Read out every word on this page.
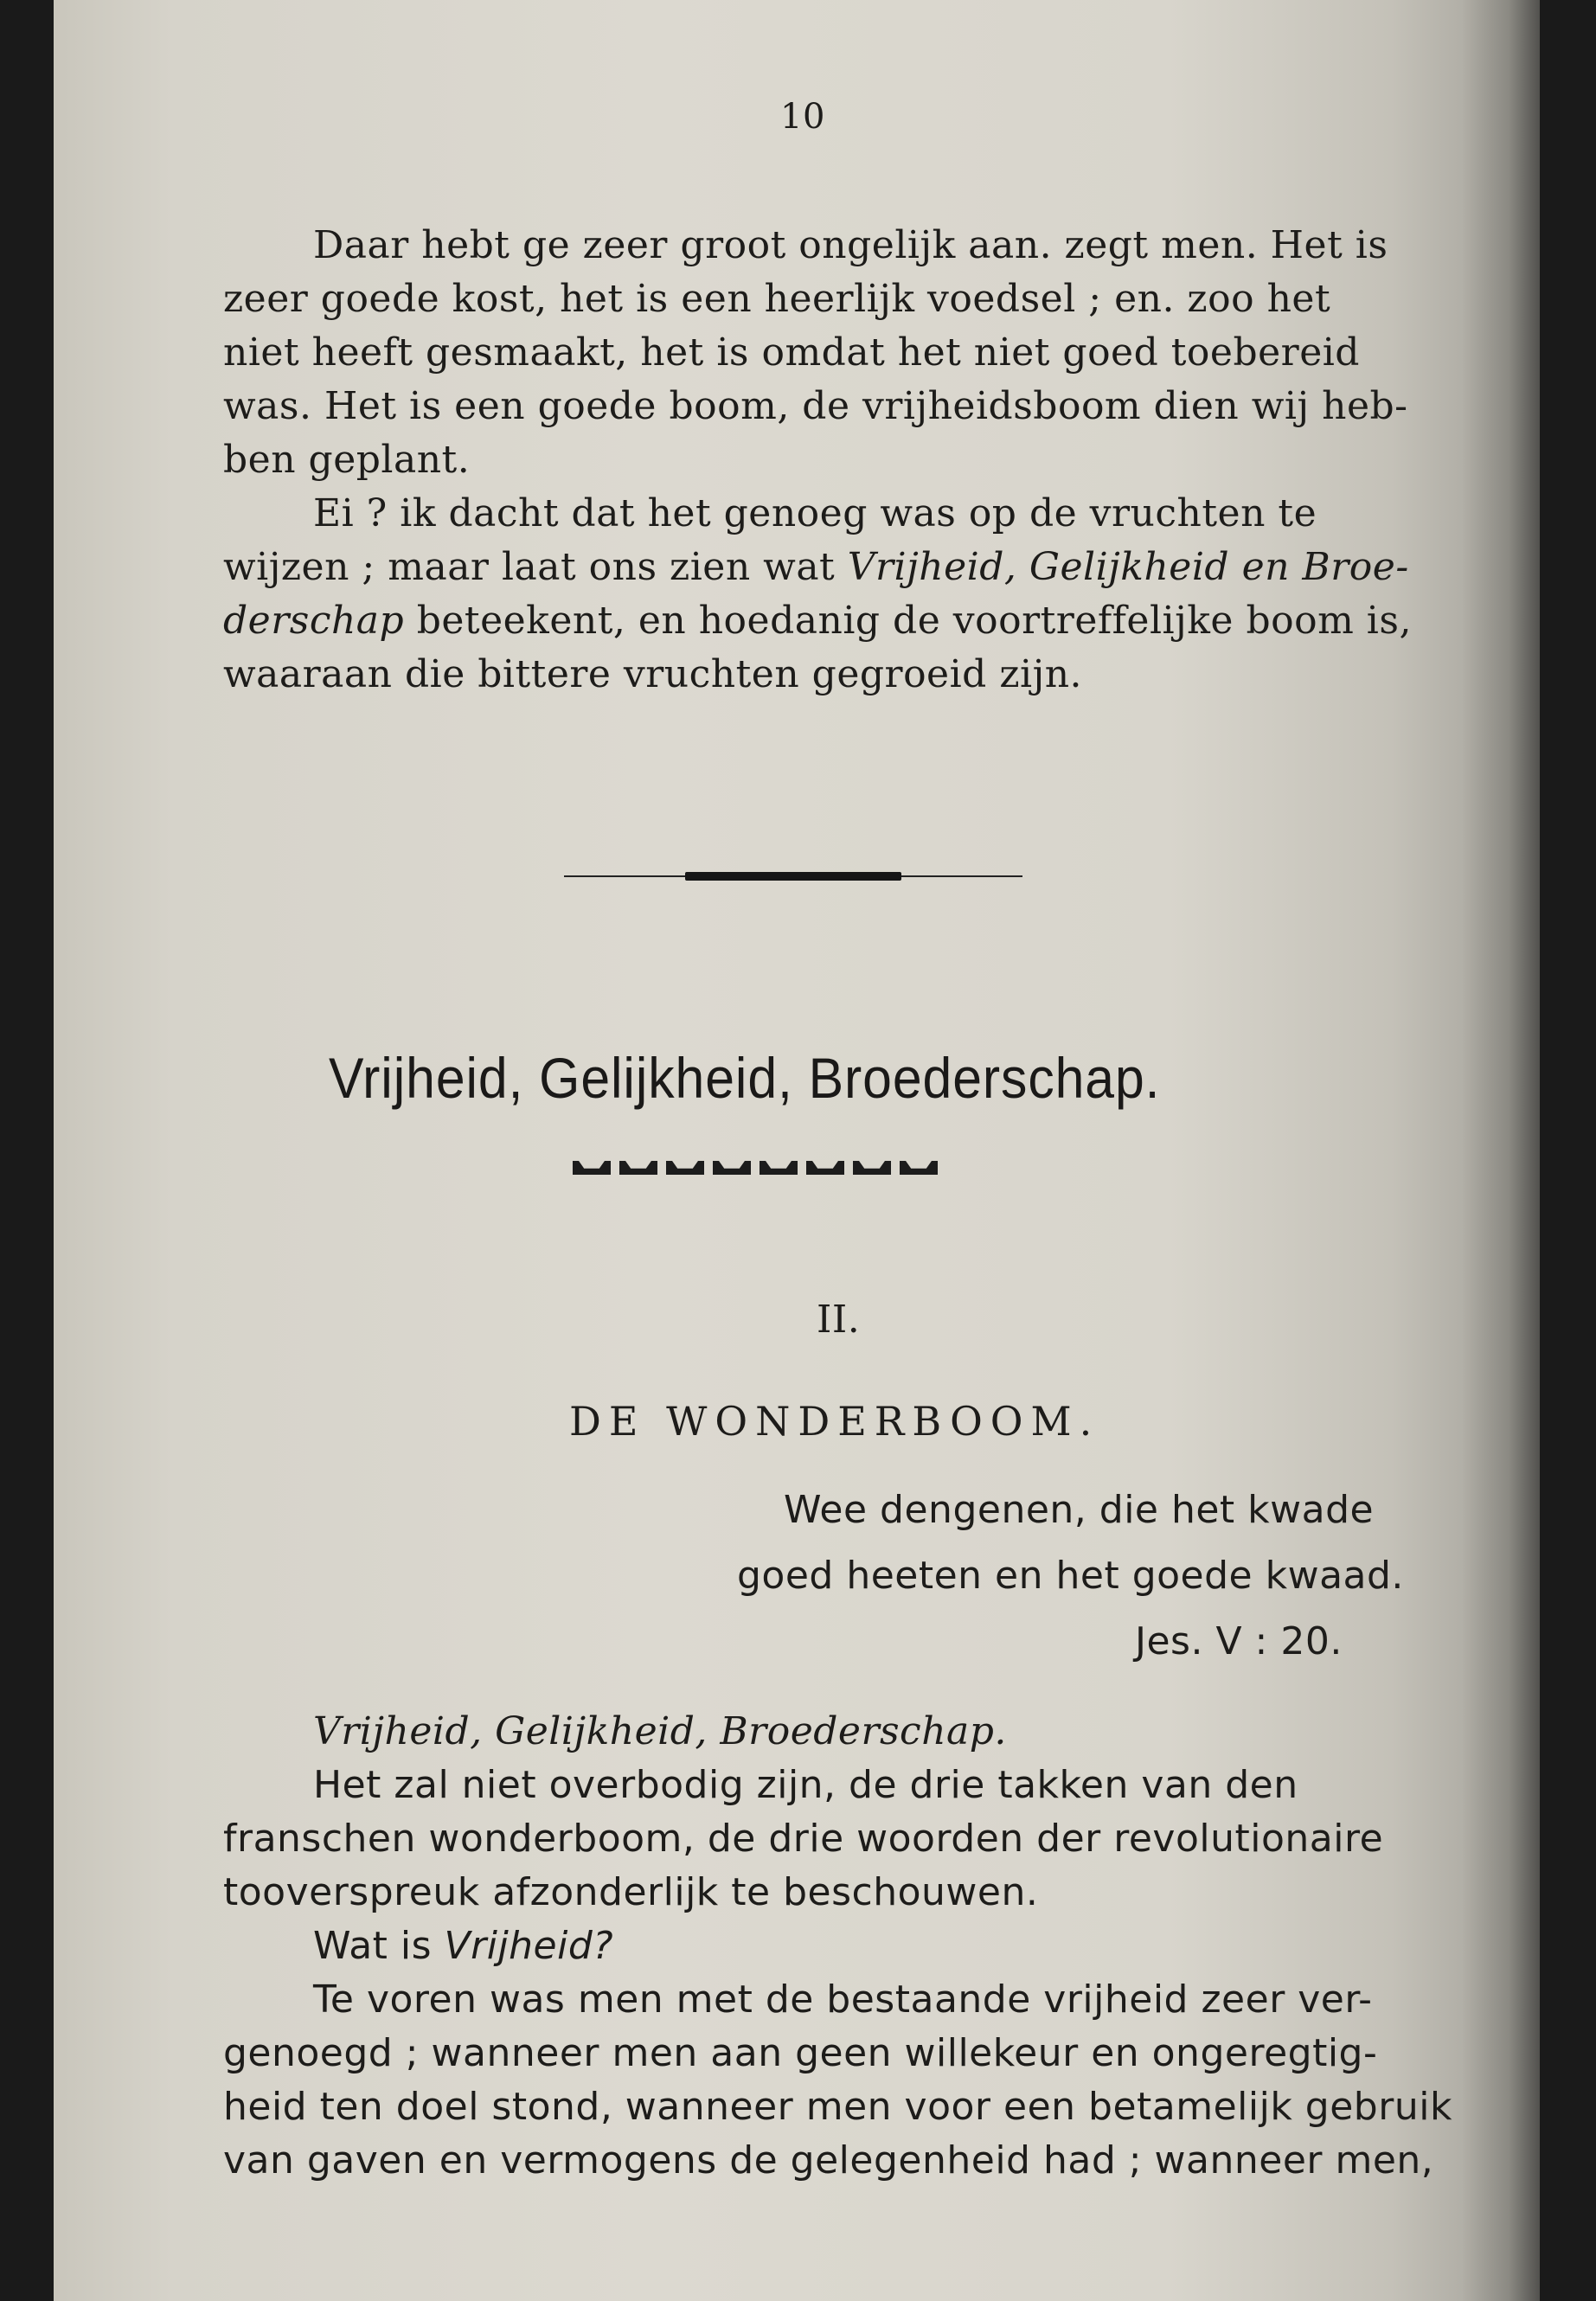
10
Daar hebt ge zeer groot ongelijk aan. zegt men. Het is
zeer goede kost, het is een heerlijk voedsel ; en. zoo het
niet heeft gesmaakt, het is omdat het niet goed toebereid
was. Het is een goede boom, de vrijheidsboom dien wij heb-
ben geplant.
Ei ? ik dacht dat het genoeg was op de vruchten te
wijzen ; maar laat ons zien wat Vrijheid, Gelijkheid en Broe-
derschap beteekent, en hoedanig de voortreffelijke boom is,
waaraan die bittere vruchten gegroeid zijn.
Vrijheid, Gelijkheid, Broederschap.
II.
DE WONDERBOOM.
Wee dengenen, die het kwade
goed heeten en het goede kwaad.
Jes. V : 20.
Vrijheid, Gelijkheid, Broederschap.
Het zal niet overbodig zijn, de drie takken van den
franschen wonderboom, de drie woorden der revolutionaire
tooverspreuk afzonderlijk te beschouwen.
Wat is Vrijheid?
Te voren was men met de bestaande vrijheid zeer ver-
genoegd ; wanneer men aan geen willekeur en ongeregtig-
heid ten doel stond, wanneer men voor een betamelijk gebruik
van gaven en vermogens de gelegenheid had ; wanneer men,
